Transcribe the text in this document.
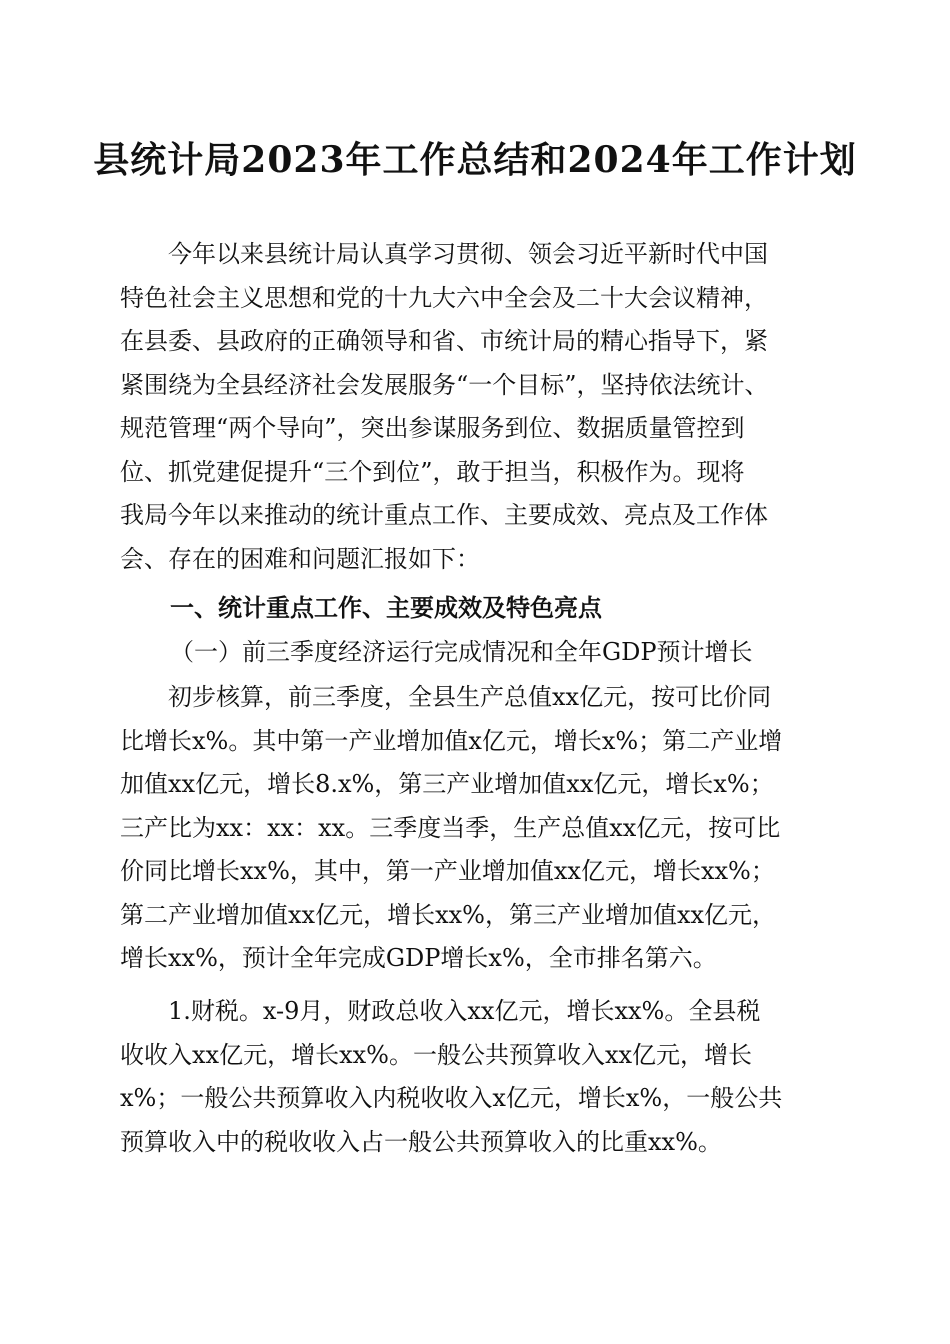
县统计局2023年工作总结和2024年工作计划
今年以来县统计局认真学习贯彻、领会习近平新时代中国
特色社会主义思想和党的十九大六中全会及二十大会议精神，
在县委、县政府的正确领导和省、市统计局的精心指导下，紧
紧围绕为全县经济社会发展服务“一个目标”，坚持依法统计、
规范管理“两个导向”，突出参谋服务到位、数据质量管控到
位、抓党建促提升“三个到位”，敢于担当，积极作为。现将
我局今年以来推动的统计重点工作、主要成效、亮点及工作体
会、存在的困难和问题汇报如下：
一、统计重点工作、主要成效及特色亮点
（一）前三季度经济运行完成情况和全年GDP预计增长
初步核算，前三季度，全县生产总值xx亿元，按可比价同
比增长x%。其中第一产业增加值x亿元，增长x%；第二产业增
加值xx亿元，增长8.x%，第三产业增加值xx亿元，增长x%；
三产比为xx：xx：xx。三季度当季，生产总值xx亿元，按可比
价同比增长xx%，其中，第一产业增加值xx亿元，增长xx%；
第二产业增加值xx亿元，增长xx%，第三产业增加值xx亿元，
增长xx%，预计全年完成GDP增长x%，全市排名第六。
1.财税。x-9月，财政总收入xx亿元，增长xx%。全县税
收收入xx亿元，增长xx%。一般公共预算收入xx亿元，增长
x%；一般公共预算收入内税收收入x亿元，增长x%，一般公共
预算收入中的税收收入占一般公共预算收入的比重xx%。
